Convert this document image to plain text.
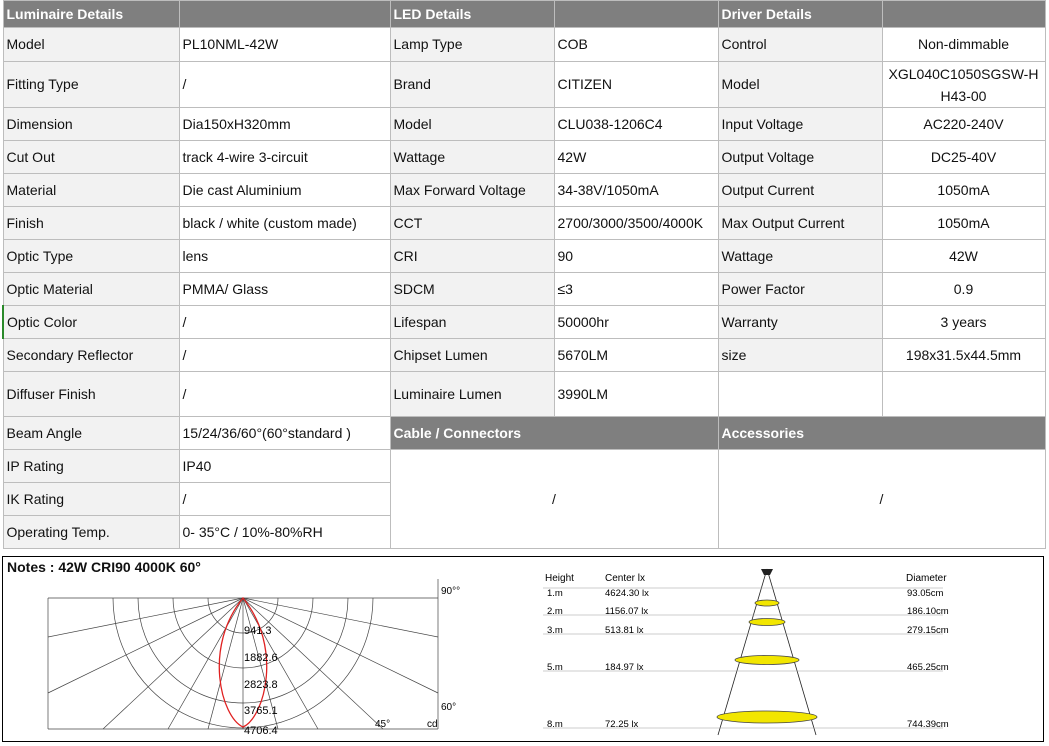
Luminaire Details		LED Details		Driver Details	
Model	PL10NML-42W	Lamp Type	COB	Control	Non-dimmable
Fitting Type	/	Brand	CITIZEN	Model	XGL040C1050SGSW-HH43-00
Dimension	Dia150xH320mm	Model	CLU038-1206C4	Input Voltage	AC220-240V
Cut Out	track 4-wire 3-circuit	Wattage	42W	Output Voltage	DC25-40V
Material	Die cast Aluminium	Max Forward Voltage	34-38V/1050mA	Output Current	1050mA
Finish	black / white (custom made)	CCT	2700/3000/3500/4000K	Max Output Current	1050mA
Optic Type	lens	CRI	90	Wattage	42W
Optic Material	PMMA/ Glass	SDCM	≤3	Power Factor	0.9
Optic Color	/	Lifespan	50000hr	Warranty	3 years
Secondary Reflector	/	Chipset Lumen	5670LM	size	198x31.5x44.5mm
Diffuser Finish	/	Luminaire Lumen	3990LM		
Beam Angle	15/24/36/60°(60°standard )	Cable / Connectors		Accessories	
IP Rating	IP40	/		/	
IK Rating	/				
Operating Temp.	0- 35°C / 10%-80%RH				
Notes : 42W CRI90 4000K 60°
941.3
1882.6
2823.8
3765.1
4706.4
90°°
60°
45°	cd
Height	Center lx	Diameter
1.m	4624.30 lx	93.05cm
2.m	1156.07 lx	186.10cm
3.m	513.81 lx	279.15cm
5.m	184.97 lx	465.25cm
8.m	72.25 lx	744.39cm
